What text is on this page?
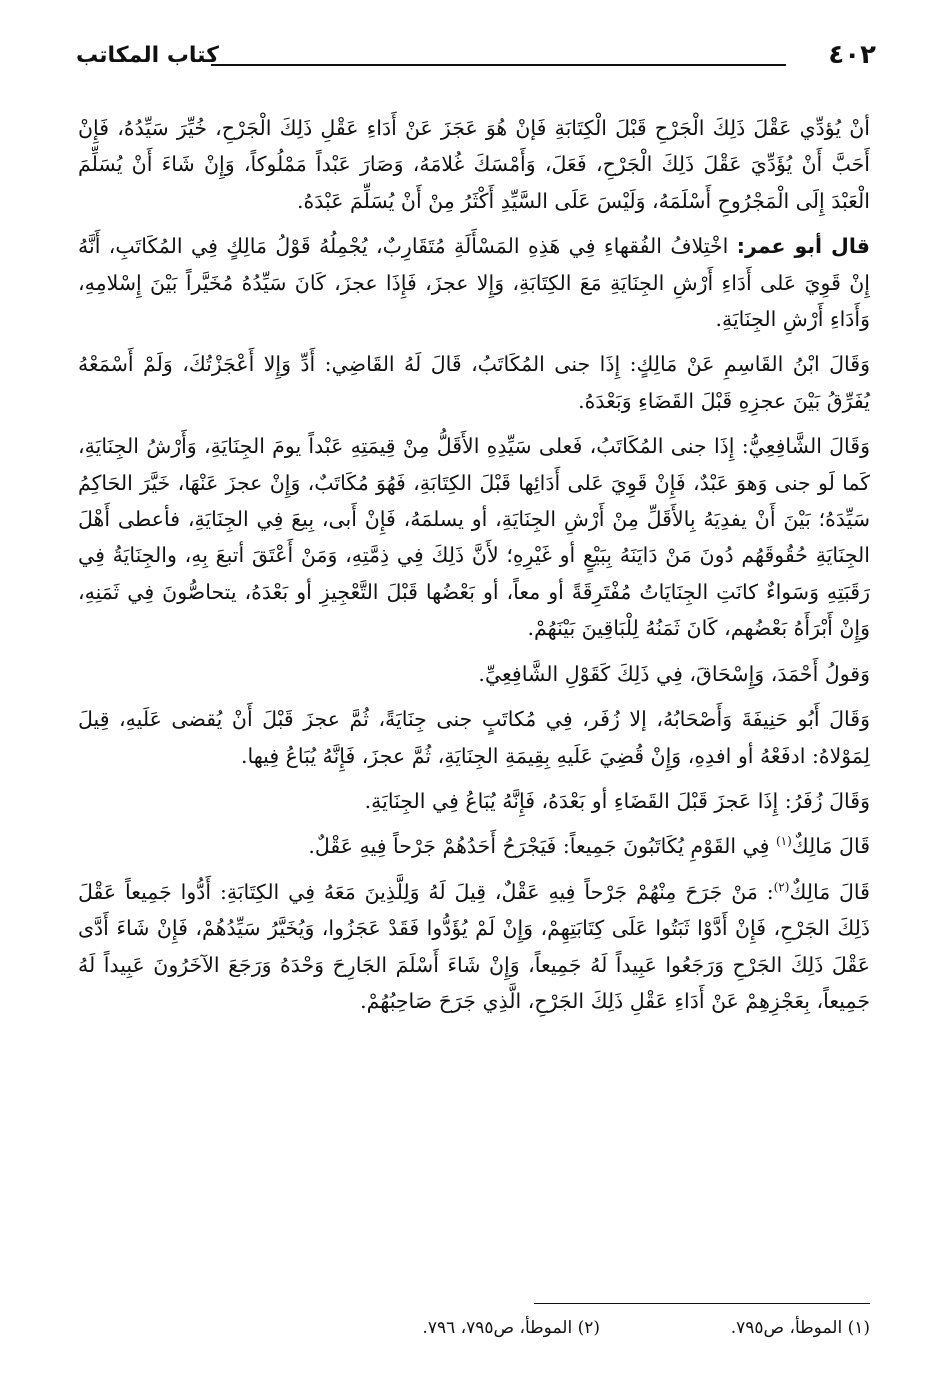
٤٠٢
كتاب المكاتب

أنْ يُؤدِّي عَقْلَ ذَلِكَ الْجَرْحِ قَبْلَ الْكِتَابَةِ فَإنْ هُوَ عَجَزَ عَنْ أَدَاءِ عَقْلِ ذَلِكَ الْجَرْحِ، خُيِّرَ سَيِّدُهُ، فَإِنْ أَحَبَّ أَنْ يُؤَدِّيَ عَقْلَ ذَلِكَ الْجَرْحِ، فَعَلَ، وَأَمْسَكَ غُلامَهُ، وَصَارَ عَبْداً مَمْلُوكاً، وَإِنْ شَاءَ أَنْ يُسَلِّمَ الْعَبْدَ إِلَى الْمَجْرُوحِ أَسْلَمَهُ، وَلَيْسَ عَلَى السَّيِّدِ أَكْثَرُ مِنْ أَنْ يُسَلِّمَ عَبْدَهُ.

قال أبو عمر: اخْتِلافُ الفُقهاءِ فِي هَذِهِ المَسْأَلَةِ مُتَقَارِبٌ، يُجْمِلُهُ قَوْلُ مَالِكٍ فِي المُكَاتَبِ، أَنَّهُ إِنْ قَوِيَ عَلى أَدَاءِ أَرْشِ الجِنَايَةِ مَعَ الكِتَابَةِ، وَإِلا عجزَ، فَإِذَا عجزَ، كَانَ سَيِّدُهُ مُخَيَّراً بَيْنَ إِسْلامِهِ، وَأَدَاءِ أَرْشِ الجِنَايَةِ.

وَقَالَ ابْنُ القَاسِمِ عَنْ مَالِكٍ: إِذَا جنى المُكَاتَبُ، قَالَ لَهُ القَاضِي: أَدِّ وَإِلا أَعْجَزْتُكَ، وَلَمْ أَسْمَعْهُ يُفَرِّقُ بَيْنَ عجزِهِ قَبْلَ القَضَاءِ وَبَعْدَهُ.

وَقَالَ الشَّافِعِيُّ: إِذَا جنى المُكَاتَبُ، فَعلى سَيِّدِهِ الأَقَلُّ مِنْ قِيمَتِهِ عَبْداً يومَ الجِنَايَةِ، وَأَرْشُ الجِنَايَةِ، كَما لَو جنى وَهوَ عَبْدٌ، فَإِنْ قَوِيَ عَلى أَدَائِها قَبْلَ الكِتَابَةِ، فَهُوَ مُكَاتَبٌ، وَإِنْ عجزَ عَنْهَا، خَيَّرَ الحَاكِمُ سَيِّدَهُ؛ بَيْنَ أَنْ يفدِيَهُ بِالأَقَلِّ مِنْ أَرْشِ الجِنَايَةِ، أو يسلمَهُ، فَإِنْ أَبى، بِيعَ فِي الجِنَايَةِ، فأعطى أَهْلَ الجِنَايَةِ حُقُوقَهُم دُونَ مَنْ دَايَنَهُ بِبَيْعٍ أو غَيْرِهِ؛ لأَنَّ ذَلِكَ فِي ذِمَّتِهِ، وَمَنْ أَعْتَقَ أتبعَ بِهِ، والجِنَايَةُ فِي رَقَبَتِهِ وَسَواءٌ كانَتِ الجِنَايَاتُ مُفْتَرِقَةً أو معاً، أو بَعْضُها قَبْلَ التَّعْجِيزِ أو بَعْدَهُ، يتحاصُّونَ فِي ثَمَنِهِ، وَإِنْ أَبْرَأَهُ بَعْضُهم، كَانَ ثَمَنُهُ لِلْبَاقِينَ بَيْنَهُمْ.

وَقولُ أَحْمَدَ، وَإِسْحَاقَ، فِي ذَلِكَ كَقَوْلِ الشَّافِعِيِّ.

وَقَالَ أَبُو حَنِيفَةَ وَأَصْحَابُهُ، إلا زُفَر، فِي مُكاتَبٍ جنى جِنَايَةً، ثُمَّ عجزَ قَبْلَ أَنْ يُقضى عَلَيهِ، قِيلَ لِمَوْلاهُ: ادفَعْهُ أو افدِهِ، وَإِنْ قُضِيَ عَلَيهِ بِقِيمَةِ الجِنَايَةِ، ثُمَّ عجزَ، فَإِنَّهُ يُبَاعُ فِيها.

وَقَالَ زُفَرُ: إِذَا عَجزَ قَبْلَ القَضَاءِ أو بَعْدَهُ، فَإِنَّهُ يُبَاعُ فِي الجِنَايَةِ.

قَالَ مَالِكٌ$^{(١)}$ فِي القَوْمِ يُكَاتَبُونَ جَمِيعاً: فَيَجْرَحُ أَحَدُهُمْ جَرْحاً فِيهِ عَقْلٌ.

قَالَ مَالِكٌ$^{(٢)}$: مَنْ جَرَحَ مِنْهُمْ جَرْحاً فِيهِ عَقْلٌ، قِيلَ لَهُ وَلِلَّذِينَ مَعَهُ فِي الكِتَابَةِ: أَدُّوا جَمِيعاً عَقْلَ ذَلِكَ الجَرْحِ، فَإِنْ أَدَّوْا ثَبَتُوا عَلَى كِتَابَتِهِمْ، وَإِنْ لَمْ يُؤَدُّوا فَقَدْ عَجَزُوا، وَيُخَيَّرُ سَيِّدُهُمْ، فَإِنْ شَاءَ أَدَّى عَقْلَ ذَلِكَ الجَرْحِ وَرَجَعُوا عَبِيداً لَهُ جَمِيعاً، وَإِنْ شَاءَ أَسْلَمَ الجَارِحَ وَحْدَهُ وَرَجَعَ الآخَرُونَ عَبِيداً لَهُ جَمِيعاً، بِعَجْزِهِمْ عَنْ أَدَاءِ عَقْلِ ذَلِكَ الجَرْحِ، الَّذِي جَرَحَ صَاحِبُهُمْ.

(١) الموطأ، ص٧٩٥.
(٢) الموطأ، ص٧٩٥، ٧٩٦.
